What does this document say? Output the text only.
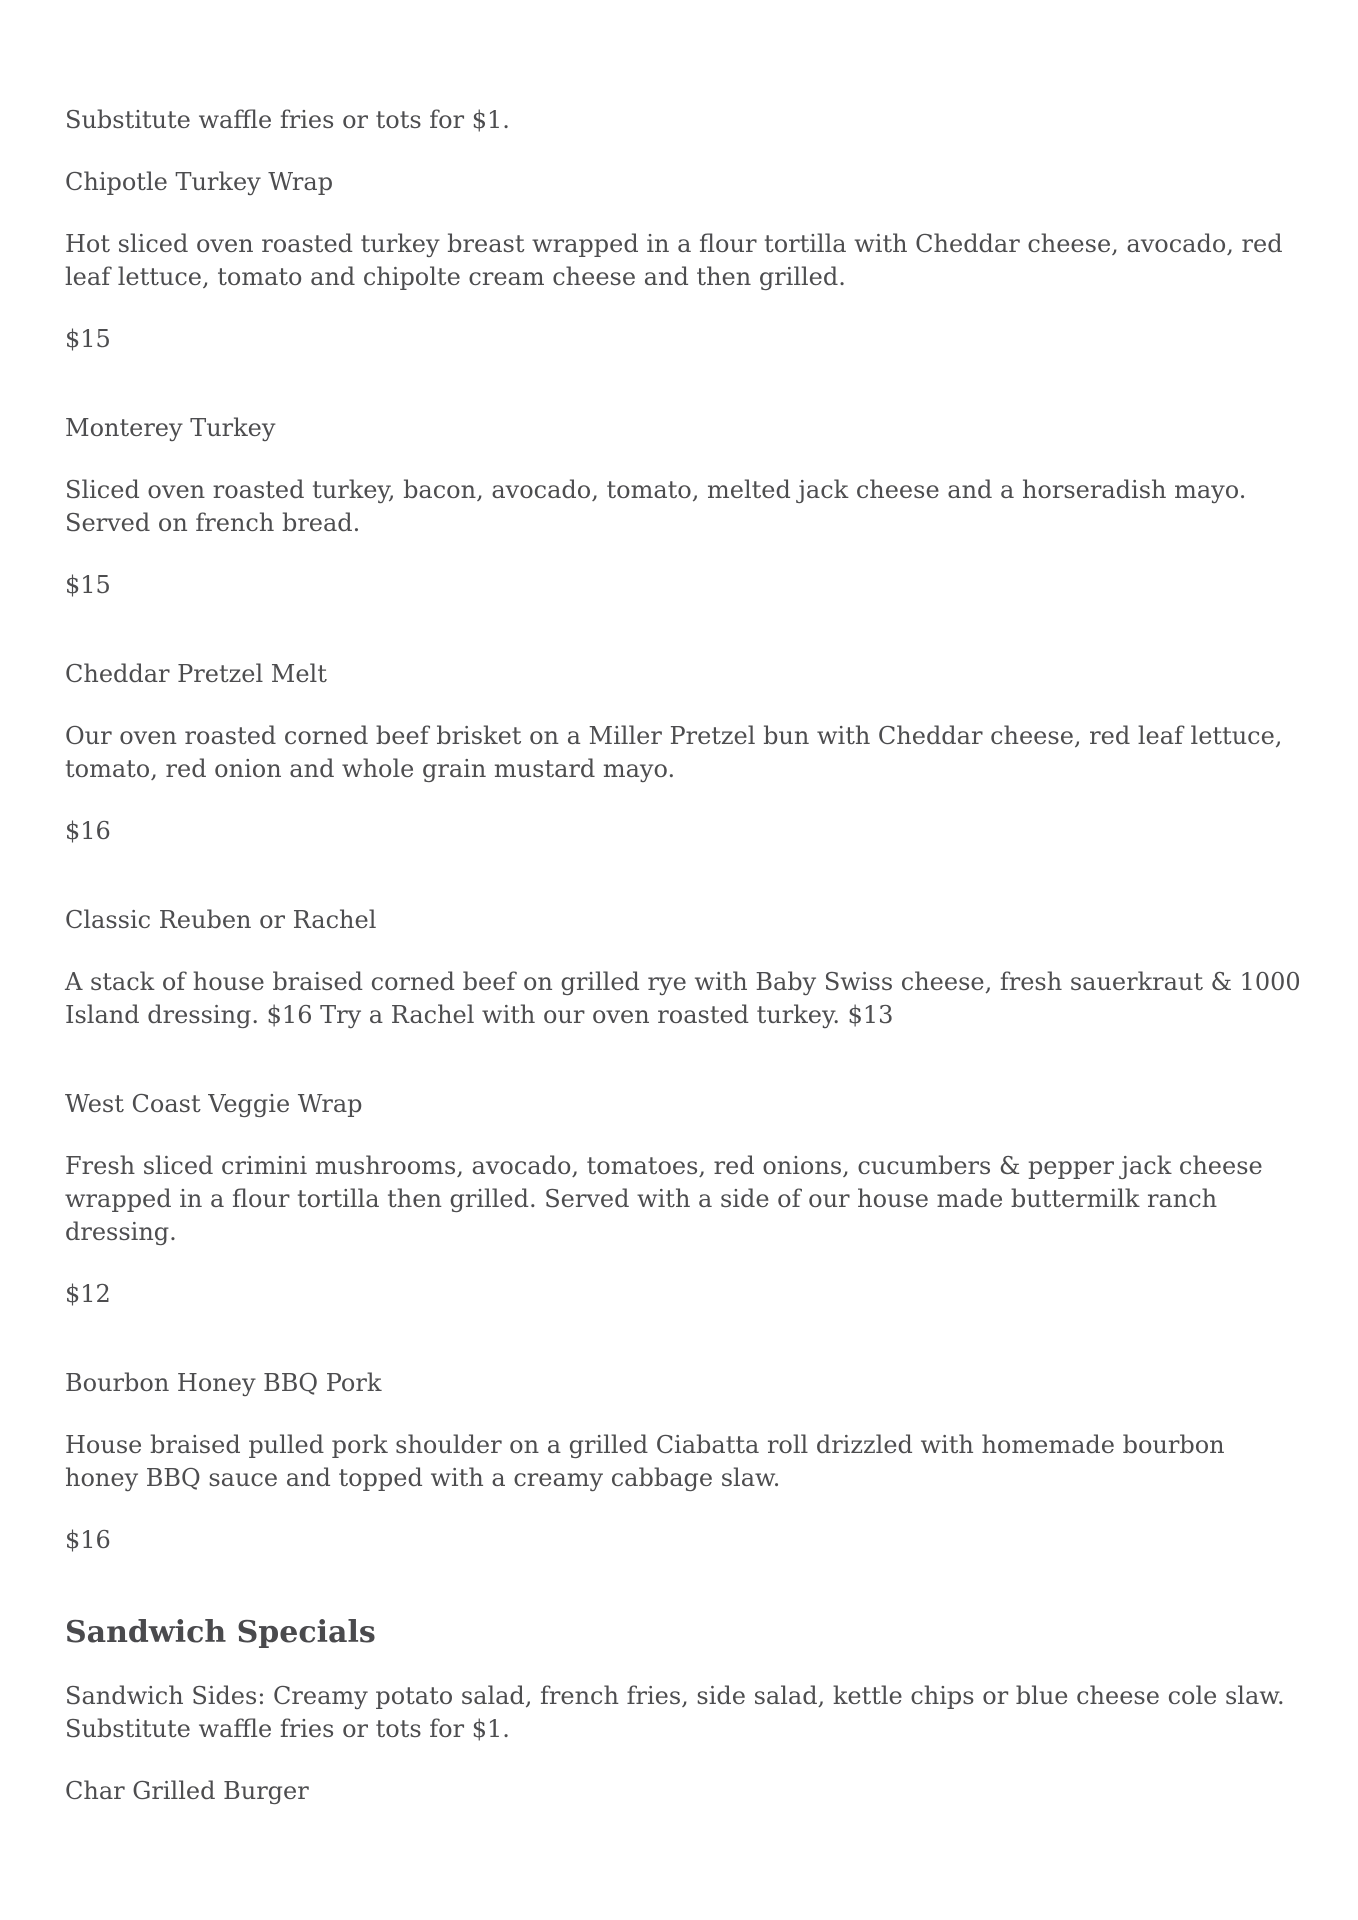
Substitute waffle fries or tots for $1.

Chipotle Turkey Wrap

Hot sliced oven roasted turkey breast wrapped in a flour tortilla with Cheddar cheese, avocado, red leaf lettuce, tomato and chipolte cream cheese and then grilled.

$15

Monterey Turkey

Sliced oven roasted turkey, bacon, avocado, tomato, melted jack cheese and a horseradish mayo. Served on french bread.

$15

Cheddar Pretzel Melt

Our oven roasted corned beef brisket on a Miller Pretzel bun with Cheddar cheese, red leaf lettuce, tomato, red onion and whole grain mustard mayo.

$16

Classic Reuben or Rachel

A stack of house braised corned beef on grilled rye with Baby Swiss cheese, fresh sauerkraut & 1000 Island dressing. $16 Try a Rachel with our oven roasted turkey. $13

West Coast Veggie Wrap

Fresh sliced crimini mushrooms, avocado, tomatoes, red onions, cucumbers & pepper jack cheese wrapped in a flour tortilla then grilled. Served with a side of our house made buttermilk ranch dressing.

$12

Bourbon Honey BBQ Pork

House braised pulled pork shoulder on a grilled Ciabatta roll drizzled with homemade bourbon honey BBQ sauce and topped with a creamy cabbage slaw.

$16

Sandwich Specials

Sandwich Sides: Creamy potato salad, french fries, side salad, kettle chips or blue cheese cole slaw. Substitute waffle fries or tots for $1.

Char Grilled Burger
